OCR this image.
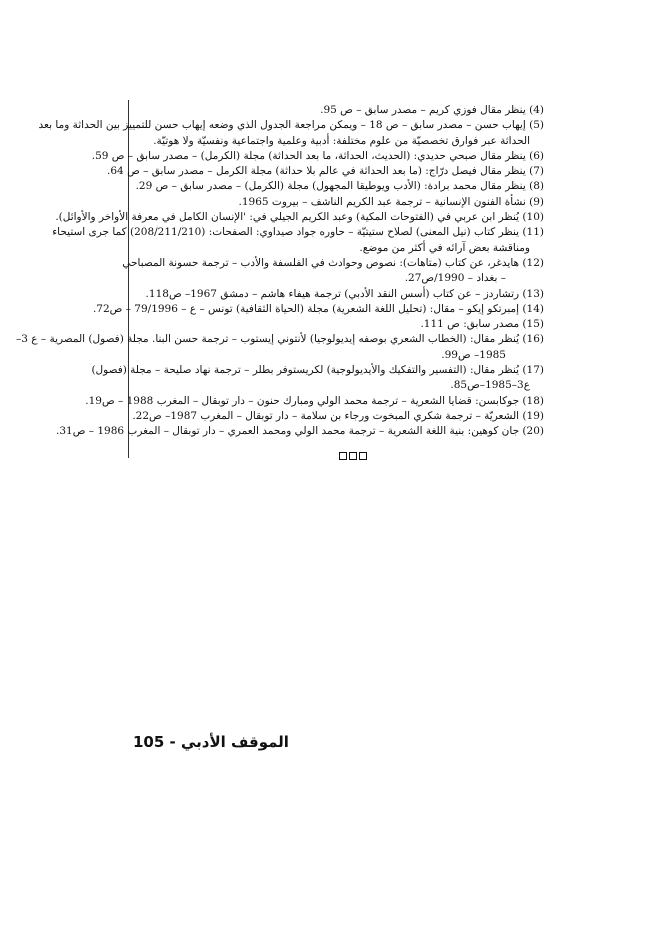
(4) ينظر مقال فوزي كريم – مصدر سابق – ص 95.

(5) إيهاب حسن – مصدر سابق – ص 18 – ويمكن مراجعة الجدول الذي وضعه إيهاب حسن للتمييز بين الحداثة وما بعد

الحداثة عبر فوارق تخصصيّة من علوم مختلفة: أدبية وعلمية واجتماعية ونفسيّة ولا هوتيّة.

(6) ينظر مقال صبحي حديدي: (الحديث، الحداثة، ما بعد الحداثة) مجلة (الكرمل) – مصدر سابق – ص 59.

(7) ينظر مقال فيصل درّاج: (ما بعد الحداثة في عالم بلا حداثة) مجلة الكرمل – مصدر سابق – ص 64.

(8) ينظر مقال محمد برادة: (الأدب ويوطيقا المجهول) مجلة (الكرمل) – مصدر سابق – ص 29.

(9) نشأة الفنون الإنسانية – ترجمة عبد الكريم الناشف – بيروت 1965.

(10) يُنظر ابن عربي في (الفتوحات المكية) وعبد الكريم الجيلي في: 'الإنسان الكامل في معرفة الأواخر والأوائل).

(11) ينظر كتاب (نيل المعنى) لصلاح ستيتيّة – حاوره جواد صيداوي: الصفحات: (208/211/210) كما جرى استيحاء

ومناقشة بعض آرائه في أكثر من موضع.

(12) هايدغر، عن كتاب (متاهات): نصوص وحوادث في الفلسفة والأدب – ترجمة حسونة المصباحي

– بغداد – 1990/ص27.

(13) رتشاردز – عن كتاب (أسس النقد الأدبي) ترجمة هيفاء هاشم – دمشق 1967– ص118.

(14) إمبرتكو إيكو – مقال: (تحليل اللغة الشعرية) مجلة (الحياة الثقافية) تونس – ع – 79/1996 – ص72.

(15) مصدر سابق: ص 111.

(16) يُنظر مقال: (الخطاب الشعري بوصفه إيديولوجيا) لأنتوني إيستوب – ترجمة حسن البنا. مجلة (فصول) المصرية – ع 3–

1985– ص99.

(17) يُنظر مقال: (التفسير والتفكيك والأيديولوجية) لكريستوفر بطلر – ترجمة نهاد صليحة – مجلة (فصول)

ع3–1985–ص85.

(18) جوكابسن: قضايا الشعرية – ترجمة محمد الولي ومبارك حنون – دار توبقال – المغرب 1988 – ص19.

(19) الشعريّة – ترجمة شكري المبخوت ورجاء بن سلامة – دار توبقال – المغرب 1987– ص22.

(20) جان كوهين: بنية اللغة الشعرية – ترجمة محمد الولي ومحمد العمري – دار توبقال – المغرب 1986 – ص31.

الموقف الأدبي - 105
